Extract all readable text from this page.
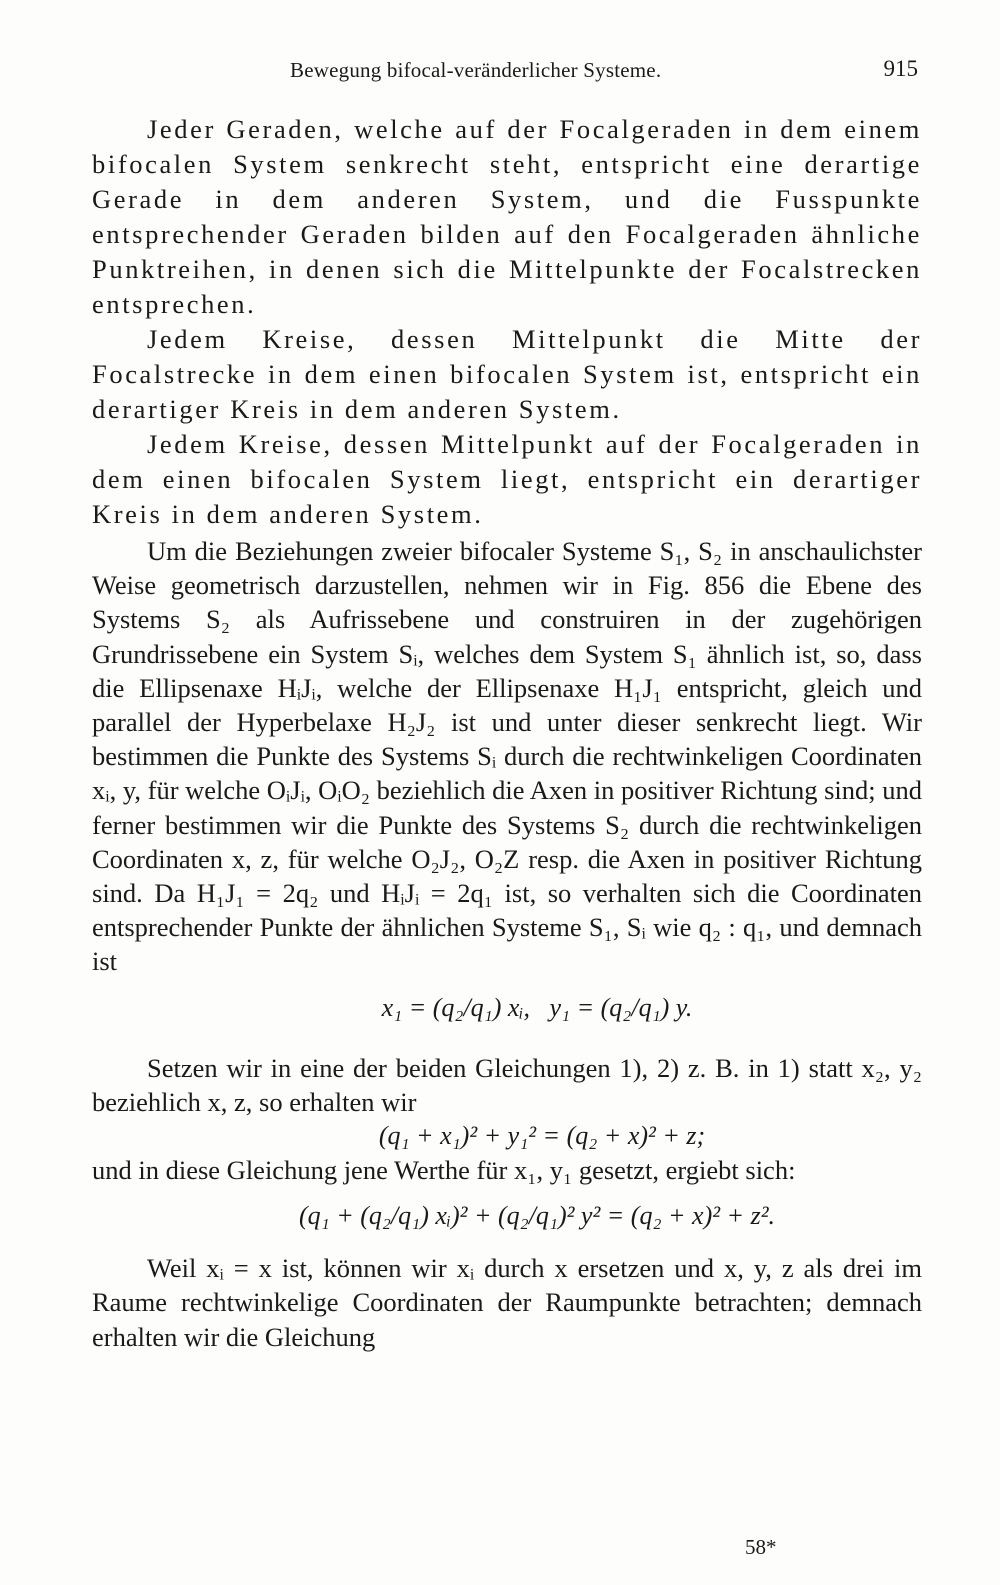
Bewegung bifocal-veränderlicher Systeme.	915

Jeder Geraden, welche auf der Focalgeraden in dem einem bifocalen System senkrecht steht, entspricht eine derartige Gerade in dem anderen System, und die Fusspunkte entsprechender Geraden bilden auf den Focalgeraden ähnliche Punktreihen, in denen sich die Mittelpunkte der Focalstrecken entsprechen.

Jedem Kreise, dessen Mittelpunkt die Mitte der Focalstrecke in dem einen bifocalen System ist, entspricht ein derartiger Kreis in dem anderen System.

Jedem Kreise, dessen Mittelpunkt auf der Focalgeraden in dem einen bifocalen System liegt, entspricht ein derartiger Kreis in dem anderen System.

Um die Beziehungen zweier bifocaler Systeme S₁, S₂ in anschaulichster Weise geometrisch darzustellen, nehmen wir in Fig. 856 die Ebene des Systems S₂ als Aufrissebene und construiren in der zugehörigen Grundrissebene ein System Sᵢ, welches dem System S₁ ähnlich ist, so, dass die Ellipsenaxe HᵢJᵢ, welche der Ellipsenaxe H₁J₁ entspricht, gleich und parallel der Hyperbelaxe H₂J₂ ist und unter dieser senkrecht liegt. Wir bestimmen die Punkte des Systems Sᵢ durch die rechtwinkeligen Coordinaten xᵢ, y, für welche OᵢJᵢ, OᵢO₂ beziehlich die Axen in positiver Richtung sind; und ferner bestimmen wir die Punkte des Systems S₂ durch die rechtwinkeligen Coordinaten x, z, für welche O₂J₂, O₂Z resp. die Axen in positiver Richtung sind. Da H₁J₁ = 2q₂ und HᵢJᵢ = 2q₁ ist, so verhalten sich die Coordinaten entsprechender Punkte der ähnlichen Systeme S₁, Sᵢ wie q₂ : q₁, und demnach ist

x₁ = (q₂/q₁) xᵢ,   y₁ = (q₂/q₁) y.

Setzen wir in eine der beiden Gleichungen 1), 2) z. B. in 1) statt x₂, y₂ beziehlich x, z, so erhalten wir

(q₁ + x₁)² + y₁² = (q₂ + x)² + z;

und in diese Gleichung jene Werthe für x₁, y₁ gesetzt, ergiebt sich:

(q₁ + (q₂/q₁) xᵢ)² + (q₂/q₁)² y² = (q₂ + x)² + z².

Weil xᵢ = x ist, können wir xᵢ durch x ersetzen und x, y, z als drei im Raume rechtwinkelige Coordinaten der Raumpunkte betrachten; demnach erhalten wir die Gleichung

58*
